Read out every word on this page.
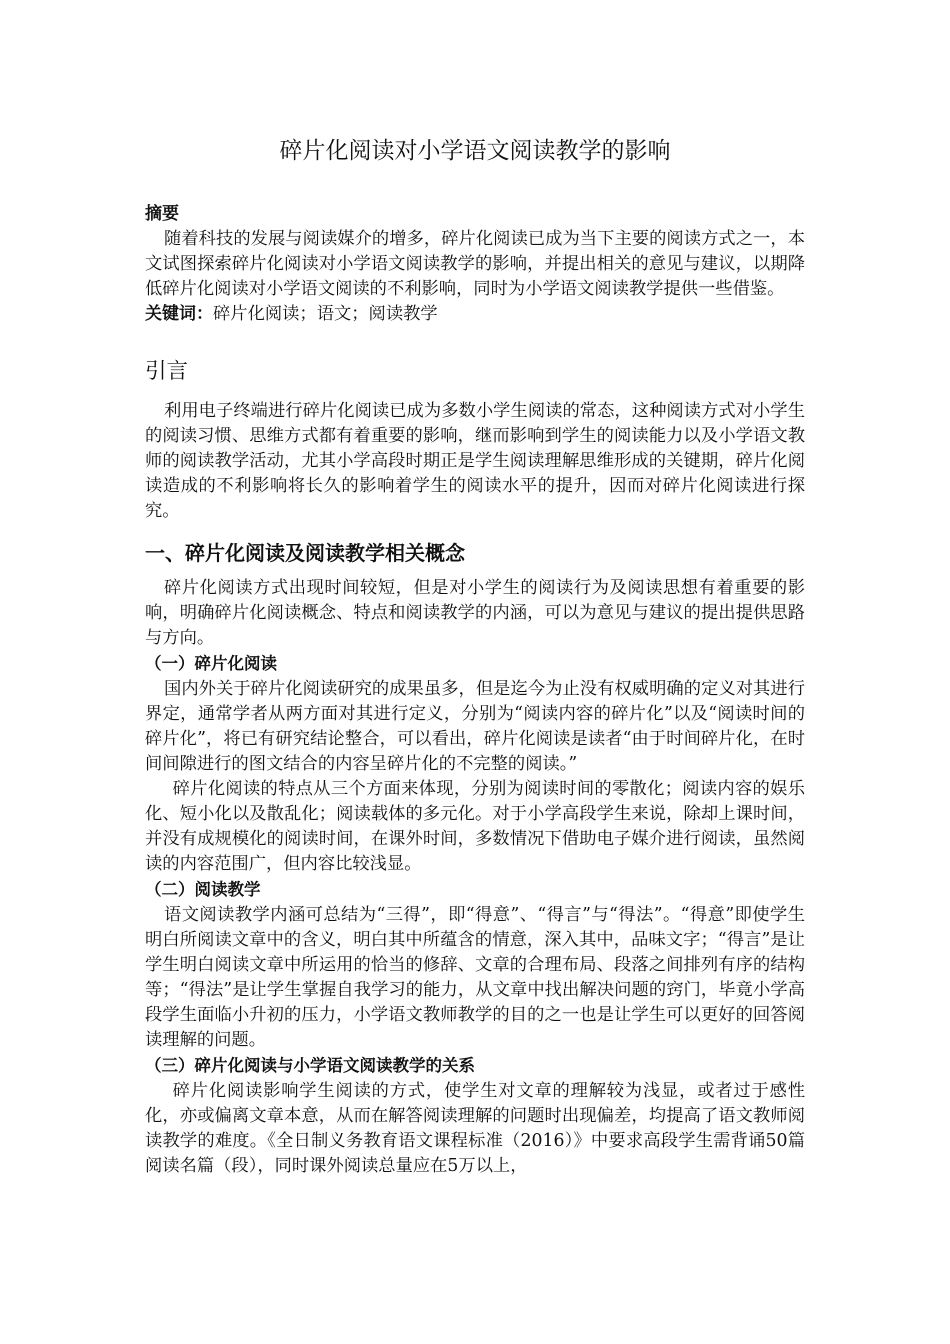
碎片化阅读对小学语文阅读教学的影响
摘要

随着科技的发展与阅读媒介的增多，碎片化阅读已成为当下主要的阅读方式之一，本文试图探索碎片化阅读对小学语文阅读教学的影响，并提出相关的意见与建议，以期降低碎片化阅读对小学语文阅读的不利影响，同时为小学语文阅读教学提供一些借鉴。

关键词：碎片化阅读；语文；阅读教学

引言

利用电子终端进行碎片化阅读已成为多数小学生阅读的常态，这种阅读方式对小学生的阅读习惯、思维方式都有着重要的影响，继而影响到学生的阅读能力以及小学语文教师的阅读教学活动，尤其小学高段时期正是学生阅读理解思维形成的关键期，碎片化阅读造成的不利影响将长久的影响着学生的阅读水平的提升，因而对碎片化阅读进行探究。

一、碎片化阅读及阅读教学相关概念

碎片化阅读方式出现时间较短，但是对小学生的阅读行为及阅读思想有着重要的影响，明确碎片化阅读概念、特点和阅读教学的内涵，可以为意见与建议的提出提供思路与方向。

（一）碎片化阅读

国内外关于碎片化阅读研究的成果虽多，但是迄今为止没有权威明确的定义对其进行界定，通常学者从两方面对其进行定义，分别为“阅读内容的碎片化”以及“阅读时间的碎片化”，将已有研究结论整合，可以看出，碎片化阅读是读者“由于时间碎片化，在时间间隙进行的图文结合的内容呈碎片化的不完整的阅读。”

碎片化阅读的特点从三个方面来体现，分别为阅读时间的零散化；阅读内容的娱乐化、短小化以及散乱化；阅读载体的多元化。对于小学高段学生来说，除却上课时间，并没有成规模化的阅读时间，在课外时间，多数情况下借助电子媒介进行阅读，虽然阅读的内容范围广，但内容比较浅显。

（二）阅读教学

语文阅读教学内涵可总结为“三得”，即“得意”、“得言”与“得法”。“得意”即使学生明白所阅读文章中的含义，明白其中所蕴含的情意，深入其中，品味文字；“得言”是让学生明白阅读文章中所运用的恰当的修辞、文章的合理布局、段落之间排列有序的结构等；“得法”是让学生掌握自我学习的能力，从文章中找出解决问题的窍门，毕竟小学高段学生面临小升初的压力，小学语文教师教学的目的之一也是让学生可以更好的回答阅读理解的问题。

（三）碎片化阅读与小学语文阅读教学的关系

碎片化阅读影响学生阅读的方式，使学生对文章的理解较为浅显，或者过于感性化，亦或偏离文章本意，从而在解答阅读理解的问题时出现偏差，均提高了语文教师阅读教学的难度。《全日制义务教育语文课程标准（2016）》中要求高段学生需背诵50篇阅读名篇（段），同时课外阅读总量应在5万以上，
